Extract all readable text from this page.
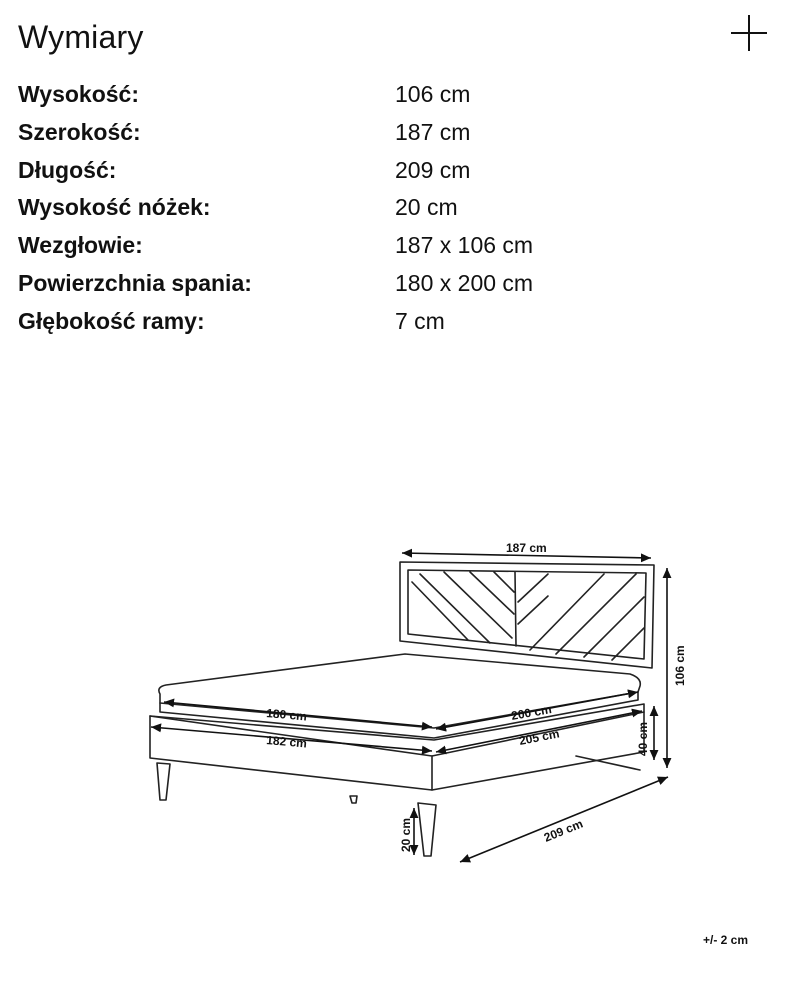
Wymiary
Wysokość:	106 cm
Szerokość:	187 cm
Długość:	209 cm
Wysokość nóżek:	20 cm
Wezgłowie:	187 x 106 cm
Powierzchnia spania:	180 x 200 cm
Głębokość ramy:	7 cm
187 cm
106 cm
180 cm	200 cm
182 cm	205 cm	40 cm
20 cm	209 cm
+/- 2 cm
